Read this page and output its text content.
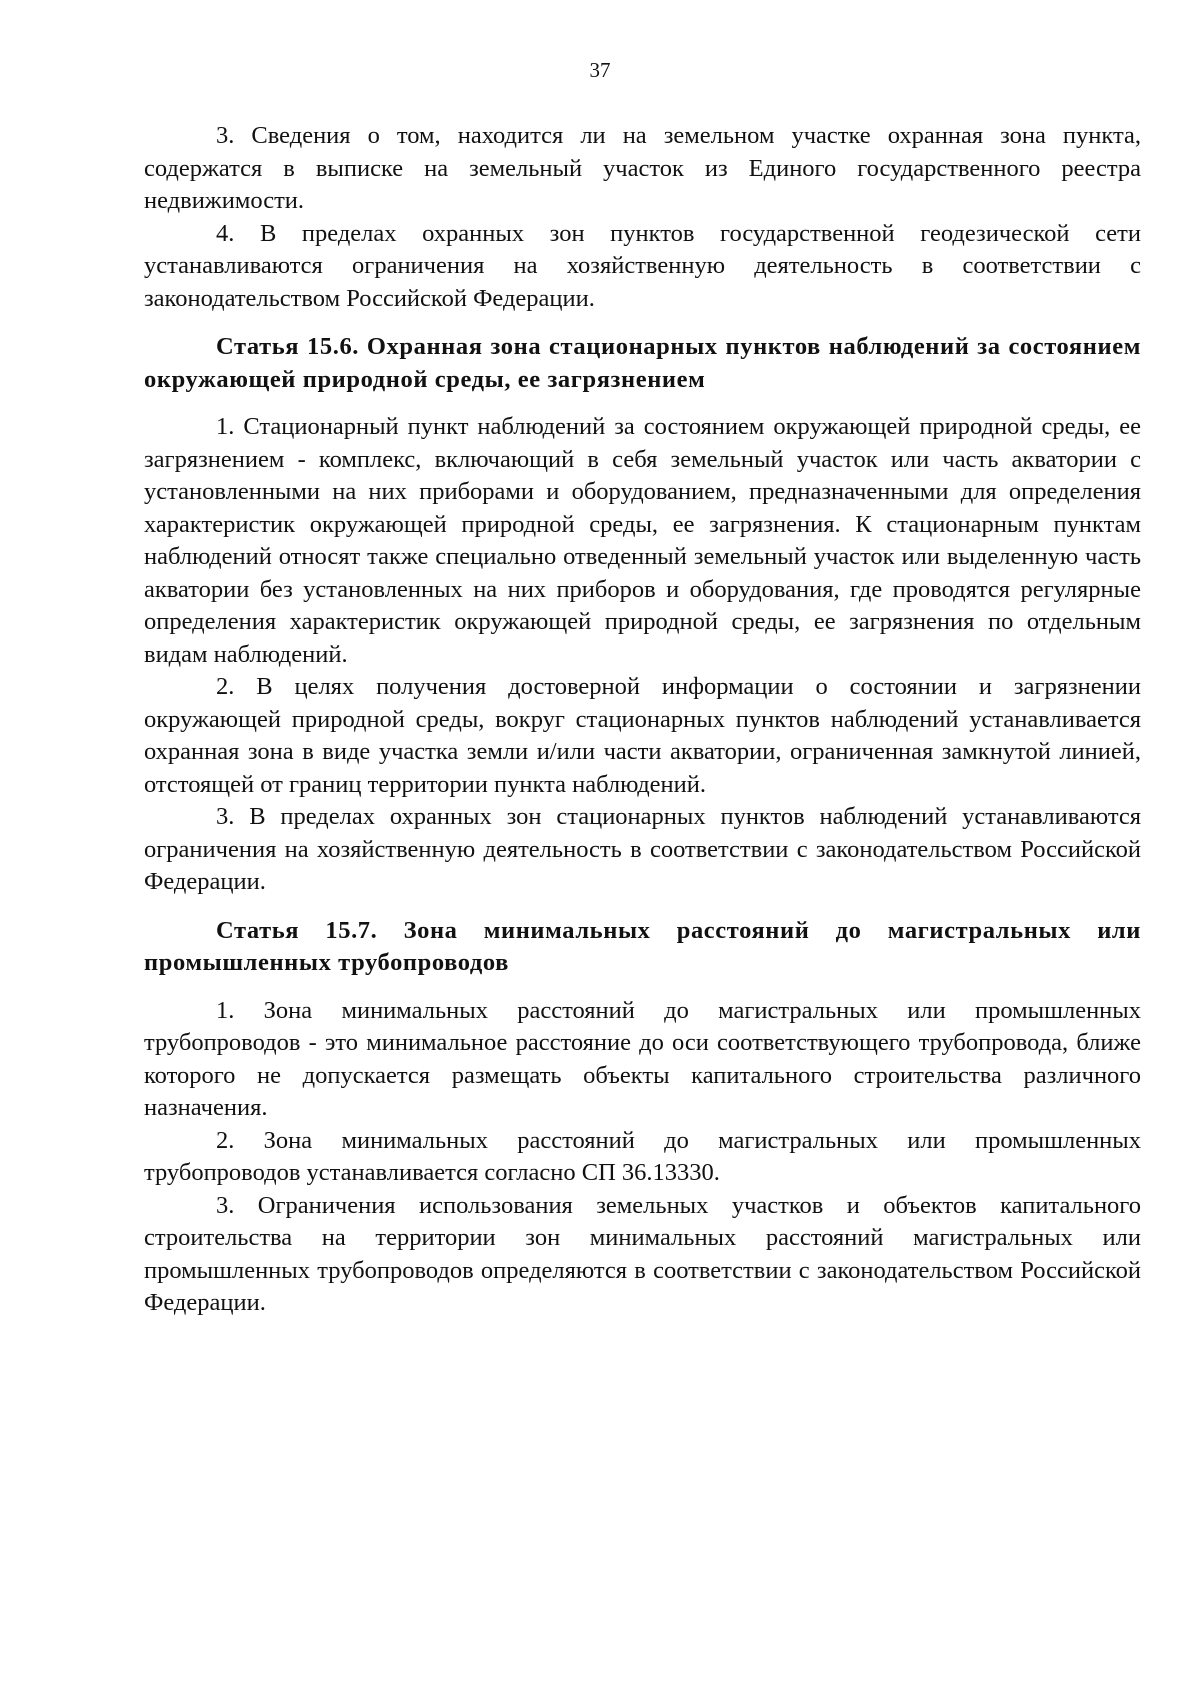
37

3. Сведения о том, находится ли на земельном участке охранная зона пункта, содержатся в выписке на земельный участок из Единого государственного реестра недвижимости.

4. В пределах охранных зон пунктов государственной геодезической сети устанавливаются ограничения на хозяйственную деятельность в соответствии с законодательством Российской Федерации.

Статья 15.6. Охранная зона стационарных пунктов наблюдений за состоянием окружающей природной среды, ее загрязнением

1. Стационарный пункт наблюдений за состоянием окружающей природной среды, ее загрязнением - комплекс, включающий в себя земельный участок или часть акватории с установленными на них приборами и оборудованием, предназначенными для определения характеристик окружающей природной среды, ее загрязнения. К стационарным пунктам наблюдений относят также специально отведенный земельный участок или выделенную часть акватории без установленных на них приборов и оборудования, где проводятся регулярные определения характеристик окружающей природной среды, ее загрязнения по отдельным видам наблюдений.

2. В целях получения достоверной информации о состоянии и загрязнении окружающей природной среды, вокруг стационарных пунктов наблюдений устанавливается охранная зона в виде участка земли и/или части акватории, ограниченная замкнутой линией, отстоящей от границ территории пункта наблюдений.

3. В пределах охранных зон стационарных пунктов наблюдений устанавливаются ограничения на хозяйственную деятельность в соответствии с законодательством Российской Федерации.

Статья 15.7. Зона минимальных расстояний до магистральных или промышленных трубопроводов

1. Зона минимальных расстояний до магистральных или промышленных трубопроводов - это минимальное расстояние до оси соответствующего трубопровода, ближе которого не допускается размещать объекты капитального строительства различного назначения.

2. Зона минимальных расстояний до магистральных или промышленных трубопроводов устанавливается согласно СП 36.13330.

3. Ограничения использования земельных участков и объектов капитального строительства на территории зон минимальных расстояний магистральных или промышленных трубопроводов определяются в соответствии с законодательством Российской Федерации.
